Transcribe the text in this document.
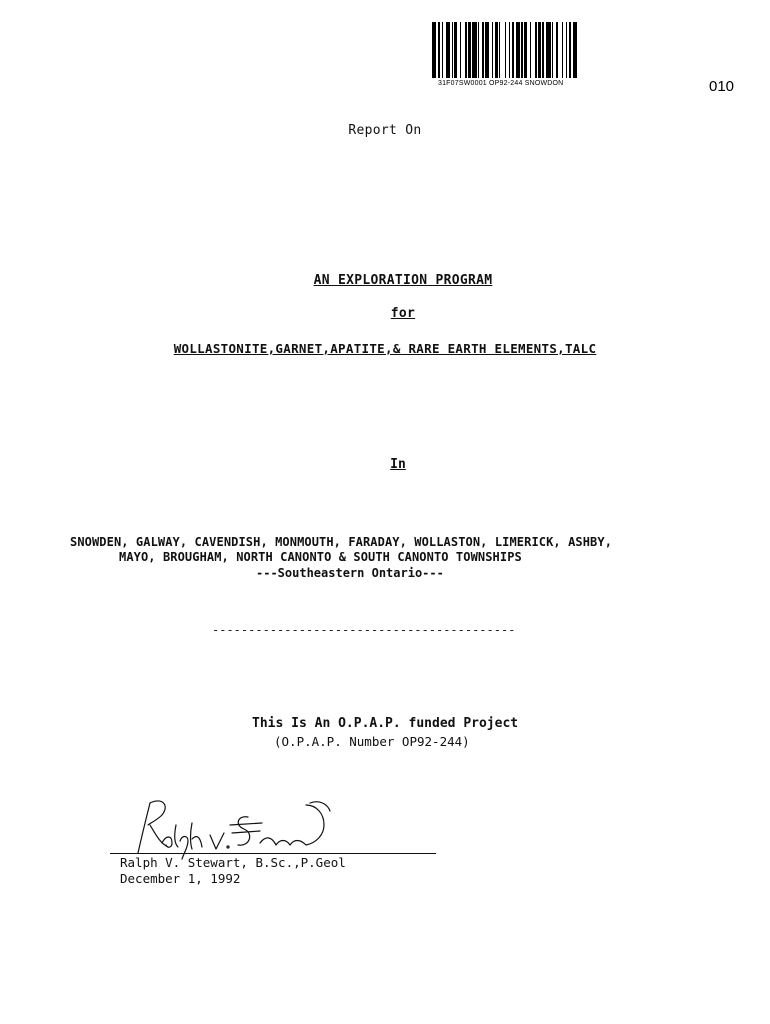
31F07SW0001 OP92-244 SNOWDON	010
Report On
AN EXPLORATION PROGRAM
for
WOLLASTONITE,GARNET,APATITE,& RARE EARTH ELEMENTS,TALC
In
SNOWDEN, GALWAY, CAVENDISH, MONMOUTH, FARADAY, WOLLASTON, LIMERICK, ASHBY,
MAYO, BROUGHAM, NORTH CANONTO & SOUTH CANONTO TOWNSHIPS
---Southeastern Ontario---
------------------------------------------
This Is An O.P.A.P. funded Project
(O.P.A.P. Number OP92-244)
Ralph V. Stewart, B.Sc.,P.Geol
December 1, 1992
